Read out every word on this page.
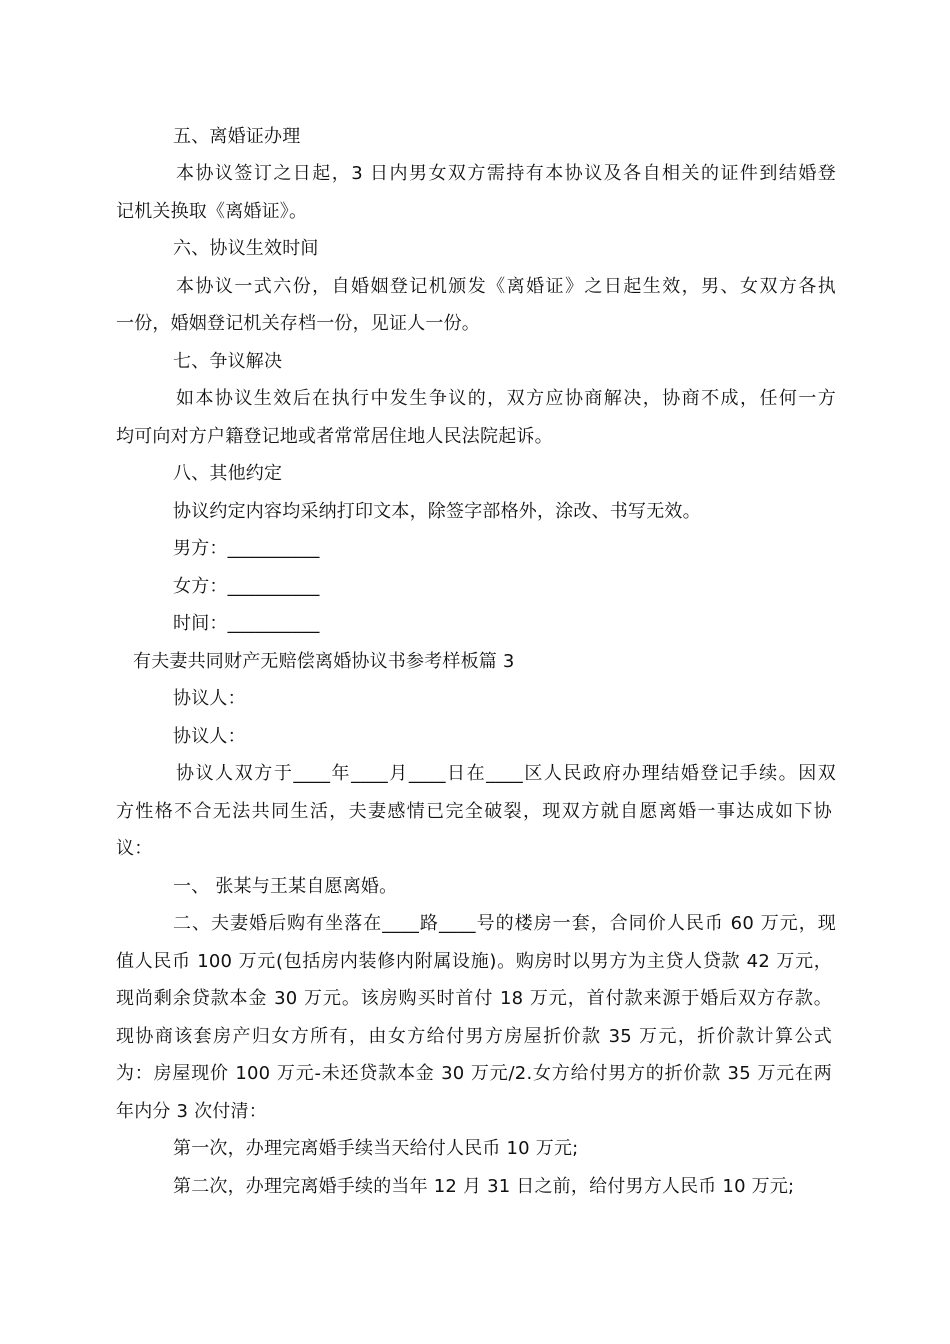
五、离婚证办理
本协议签订之日起，3 日内男女双方需持有本协议及各自相关的证件到结婚登
记机关换取《离婚证》。
六、协议生效时间
本协议一式六份，自婚姻登记机颁发《离婚证》之日起生效，男、女双方各执
一份，婚姻登记机关存档一份，见证人一份。
七、争议解决
如本协议生效后在执行中发生争议的，双方应协商解决，协商不成，任何一方
均可向对方户籍登记地或者常常居住地人民法院起诉。
八、其他约定
协议约定内容均采纳打印文本，除签字部格外，涂改、书写无效。
男方：__________
女方：__________
时间：__________
有夫妻共同财产无赔偿离婚协议书参考样板篇 3
协议人：
协议人：
协议人双方于____年____月____日在____区人民政府办理结婚登记手续。因双
方性格不合无法共同生活，夫妻感情已完全破裂，现双方就自愿离婚一事达成如下协
议：
一、 张某与王某自愿离婚。
二、夫妻婚后购有坐落在____路____号的楼房一套，合同价人民币 60 万元，现
值人民币 100 万元(包括房内装修内附属设施)。购房时以男方为主贷人贷款 42 万元，
现尚剩余贷款本金 30 万元。该房购买时首付 18 万元，首付款来源于婚后双方存款。
现协商该套房产归女方所有，由女方给付男方房屋折价款 35 万元，折价款计算公式
为：房屋现价 100 万元-未还贷款本金 30 万元/2.女方给付男方的折价款 35 万元在两
年内分 3 次付清：
第一次，办理完离婚手续当天给付人民币 10 万元;
第二次，办理完离婚手续的当年 12 月 31 日之前，给付男方人民币 10 万元;
